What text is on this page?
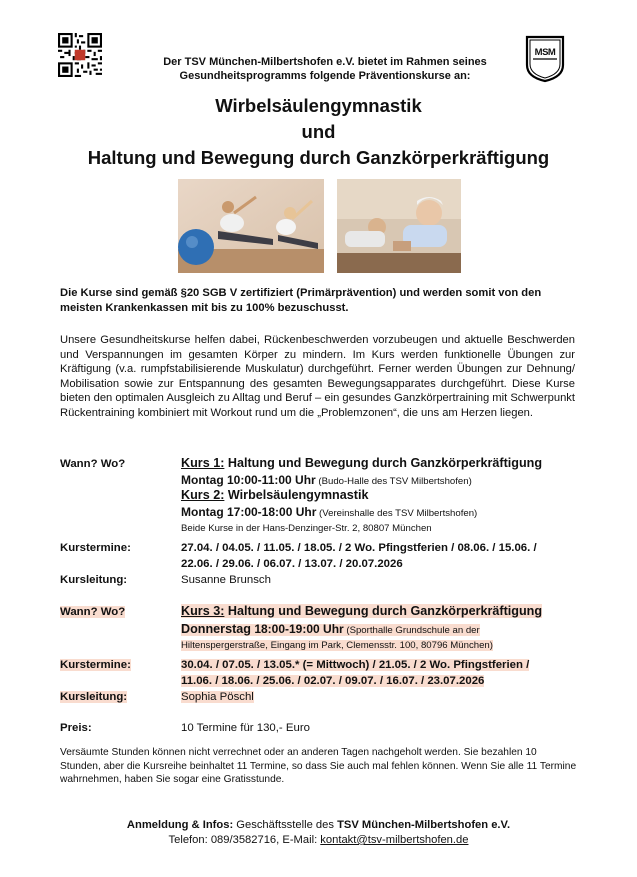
MSM
Der TSV München-Milbertshofen e.V. bietet im Rahmen seines
Gesundheitsprogramms folgende Präventionskurse an:
Wirbelsäulengymnastik
und
Haltung und Bewegung durch Ganzkörperkräftigung
Die Kurse sind gemäß §20 SGB V zertifiziert (Primärprävention) und werden somit von den meisten Krankenkassen mit bis zu 100% bezuschusst.
Unsere Gesundheitskurse helfen dabei, Rückenbeschwerden vorzubeugen und aktuelle Beschwerden und Verspannungen im gesamten Körper zu mindern. Im Kurs werden funktionelle Übungen zur Kräftigung (v.a. rumpfstabilisierende Muskulatur) durchgeführt. Ferner werden Übungen zur Dehnung/ Mobilisation sowie zur Entspannung des gesamten Bewegungsapparates durchgeführt. Diese Kurse bieten den optimalen Ausgleich zu Alltag und Beruf – ein gesundes Ganzkörpertraining mit Schwerpunkt Rückentraining kombiniert mit Workout rund um die „Problemzonen“, die uns am Herzen liegen.
Wann? Wo?	Kurs 1: Haltung und Bewegung durch Ganzkörperkräftigung
Montag 10:00-11:00 Uhr (Budo-Halle des TSV Milbertshofen)
Kurs 2: Wirbelsäulengymnastik
Montag 17:00-18:00 Uhr (Vereinshalle des TSV Milbertshofen)
Beide Kurse in der Hans-Denzinger-Str. 2, 80807 München
Kurstermine:	27.04. / 04.05. / 11.05. / 18.05. / 2 Wo. Pfingstferien / 08.06. / 15.06. /
22.06. / 29.06. / 06.07. / 13.07. / 20.07.2026
Kursleitung:	Susanne Brunsch
Wann? Wo?	Kurs 3: Haltung und Bewegung durch Ganzkörperkräftigung
Donnerstag 18:00-19:00 Uhr (Sporthalle Grundschule an der
Hiltenspergerstraße, Eingang im Park, Clemensstr. 100, 80796 München)
Kurstermine:	30.04. / 07.05. / 13.05.* (= Mittwoch) / 21.05. / 2 Wo. Pfingstferien /
11.06. / 18.06. / 25.06. / 02.07. / 09.07. / 16.07. / 23.07.2026
Kursleitung:	Sophia Pöschl
Preis:	10 Termine für 130,- Euro
Versäumte Stunden können nicht verrechnet oder an anderen Tagen nachgeholt werden. Sie bezahlen 10 Stunden, aber die Kursreihe beinhaltet 11 Termine, so dass Sie auch mal fehlen können. Wenn Sie alle 11 Termine wahrnehmen, haben Sie sogar eine Gratisstunde.
Anmeldung & Infos: Geschäftsstelle des TSV München-Milbertshofen e.V.
Telefon: 089/3582716, E-Mail: kontakt@tsv-milbertshofen.de
